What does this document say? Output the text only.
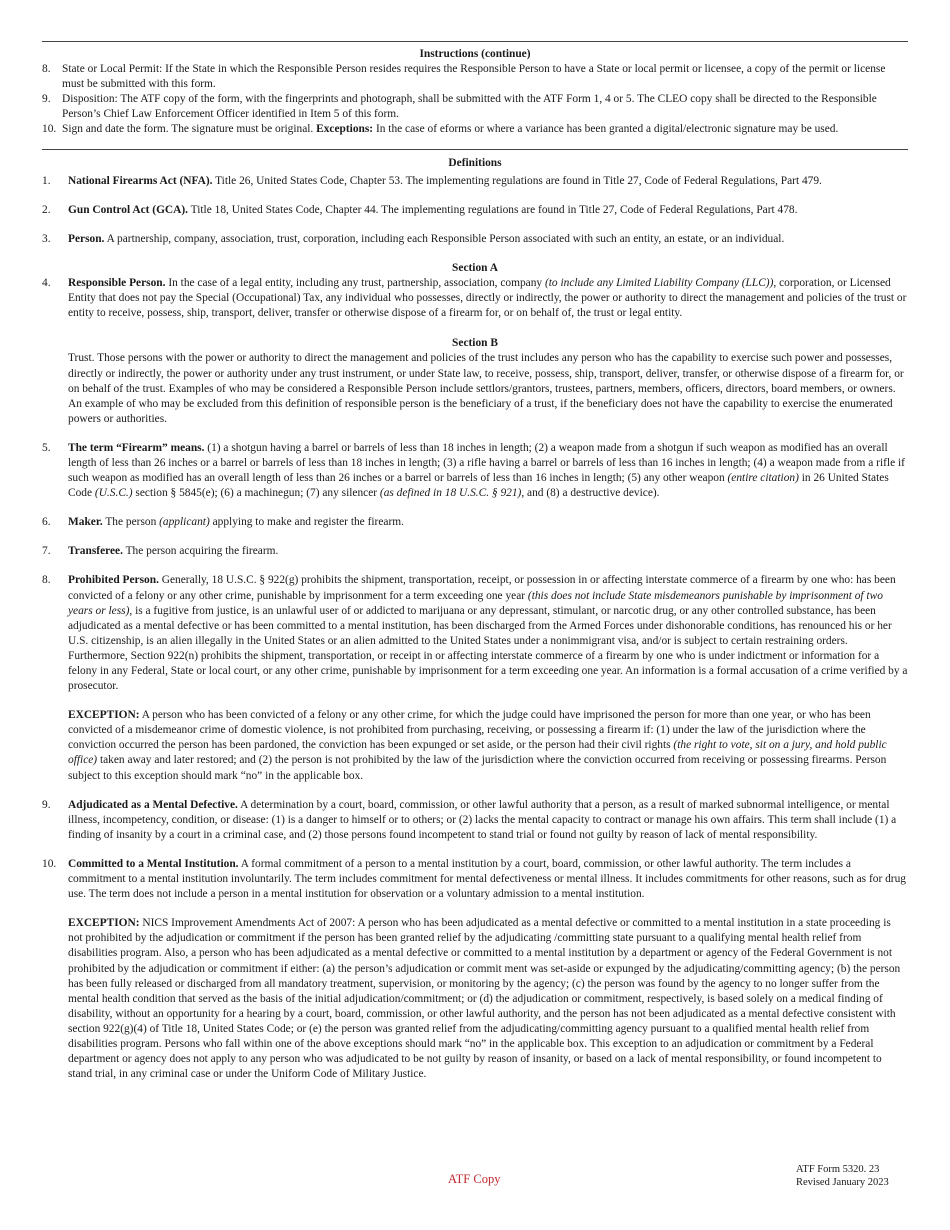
Instructions (continue)
8. State or Local Permit: If the State in which the Responsible Person resides requires the Responsible Person to have a State or local permit or licensee, a copy of the permit or license must be submitted with this form.
9. Disposition: The ATF copy of the form, with the fingerprints and photograph, shall be submitted with the ATF Form 1, 4 or 5. The CLEO copy shall be directed to the Responsible Person’s Chief Law Enforcement Officer identified in Item 5 of this form.
10. Sign and date the form. The signature must be original. Exceptions: In the case of eforms or where a variance has been granted a digital/electronic signature may be used.
Definitions
1. National Firearms Act (NFA). Title 26, United States Code, Chapter 53. The implementing regulations are found in Title 27, Code of Federal Regulations, Part 479.
2. Gun Control Act (GCA). Title 18, United States Code, Chapter 44. The implementing regulations are found in Title 27, Code of Federal Regulations, Part 478.
3. Person. A partnership, company, association, trust, corporation, including each Responsible Person associated with such an entity, an estate, or an individual.
Section A
4. Responsible Person. In the case of a legal entity, including any trust, partnership, association, company (to include any Limited Liability Company (LLC)), corporation, or Licensed Entity that does not pay the Special (Occupational) Tax, any individual who possesses, directly or indirectly, the power or authority to direct the management and policies of the trust or entity to receive, possess, ship, transport, deliver, transfer or otherwise dispose of a firearm for, or on behalf of, the trust or legal entity.
Section B
Trust. Those persons with the power or authority to direct the management and policies of the trust includes any person who has the capability to exercise such power and possesses, directly or indirectly, the power or authority under any trust instrument, or under State law, to receive, possess, ship, transport, deliver, transfer, or otherwise dispose of a firearm for, or on behalf of the trust. Examples of who may be considered a Responsible Person include settlors/grantors, trustees, partners, members, officers, directors, board members, or owners. An example of who may be excluded from this definition of responsible person is the beneficiary of a trust, if the beneficiary does not have the capability to exercise the enumerated powers or authorities.
5. The term “Firearm” means. (1) a shotgun having a barrel or barrels of less than 18 inches in length; (2) a weapon made from a shotgun if such weapon as modified has an overall length of less than 26 inches or a barrel or barrels of less than 18 inches in length; (3) a rifle having a barrel or barrels of less than 16 inches in length; (4) a weapon made from a rifle if such weapon as modified has an overall length of less than 26 inches or a barrel or barrels of less than 16 inches in length; (5) any other weapon (entire citation) in 26 United States Code (U.S.C.) section § 5845(e); (6) a machinegun; (7) any silencer (as defined in 18 U.S.C. § 921), and (8) a destructive device).
6. Maker. The person (applicant) applying to make and register the firearm.
7. Transferee. The person acquiring the firearm.
8. Prohibited Person. Generally, 18 U.S.C. § 922(g) prohibits the shipment, transportation, receipt, or possession in or affecting interstate commerce of a firearm by one who: has been convicted of a felony or any other crime, punishable by imprisonment for a term exceeding one year (this does not include State misdemeanors punishable by imprisonment of two years or less), is a fugitive from justice, is an unlawful user of or addicted to marijuana or any depressant, stimulant, or narcotic drug, or any other controlled substance, has been adjudicated as a mental defective or has been committed to a mental institution, has been discharged from the Armed Forces under dishonorable conditions, has renounced his or her U.S. citizenship, is an alien illegally in the United States or an alien admitted to the United States under a nonimmigrant visa, and/or is subject to certain restraining orders. Furthermore, Section 922(n) prohibits the shipment, transportation, or receipt in or affecting interstate commerce of a firearm by one who is under indictment or information for a felony in any Federal, State or local court, or any other crime, punishable by imprisonment for a term exceeding one year. An information is a formal accusation of a crime verified by a prosecutor.
EXCEPTION: A person who has been convicted of a felony or any other crime, for which the judge could have imprisoned the person for more than one year, or who has been convicted of a misdemeanor crime of domestic violence, is not prohibited from purchasing, receiving, or possessing a firearm if: (1) under the law of the jurisdiction where the conviction occurred the person has been pardoned, the conviction has been expunged or set aside, or the person had their civil rights (the right to vote, sit on a jury, and hold public office) taken away and later restored; and (2) the person is not prohibited by the law of the jurisdiction where the conviction occurred from receiving or possessing firearms. Person subject to this exception should mark “no” in the applicable box.
9. Adjudicated as a Mental Defective. A determination by a court, board, commission, or other lawful authority that a person, as a result of marked subnormal intelligence, or mental illness, incompetency, condition, or disease: (1) is a danger to himself or to others; or (2) lacks the mental capacity to contract or manage his own affairs. This term shall include (1) a finding of insanity by a court in a criminal case, and (2) those persons found incompetent to stand trial or found not guilty by reason of lack of mental responsibility.
10. Committed to a Mental Institution. A formal commitment of a person to a mental institution by a court, board, commission, or other lawful authority. The term includes a commitment to a mental institution involuntarily. The term includes commitment for mental defectiveness or mental illness. It includes commitments for other reasons, such as for drug use. The term does not include a person in a mental institution for observation or a voluntary admission to a mental institution.
EXCEPTION: NICS Improvement Amendments Act of 2007: A person who has been adjudicated as a mental defective or committed to a mental institution in a state proceeding is not prohibited by the adjudication or commitment if the person has been granted relief by the adjudicating /committing state pursuant to a qualifying mental health relief from disabilities program. Also, a person who has been adjudicated as a mental defective or committed to a mental institution by a department or agency of the Federal Government is not prohibited by the adjudication or commitment if either: (a) the person’s adjudication or commit ment was set-aside or expunged by the adjudicating/committing agency; (b) the person has been fully released or discharged from all mandatory treatment, supervision, or monitoring by the agency; (c) the person was found by the agency to no longer suffer from the mental health condition that served as the basis of the initial adjudication/commitment; or (d) the adjudication or commitment, respectively, is based solely on a medical finding of disability, without an opportunity for a hearing by a court, board, commission, or other lawful authority, and the person has not been adjudicated as a mental defective consistent with section 922(g)(4) of Title 18, United States Code; or (e) the person was granted relief from the adjudicating/committing agency pursuant to a qualified mental health relief from disabilities program. Persons who fall within one of the above exceptions should mark “no” in the applicable box. This exception to an adjudication or commitment by a Federal department or agency does not apply to any person who was adjudicated to be not guilty by reason of insanity, or based on a lack of mental responsibility, or found incompetent to stand trial, in any criminal case or under the Uniform Code of Military Justice.
ATF Copy
ATF Form 5320. 23
Revised January 2023
